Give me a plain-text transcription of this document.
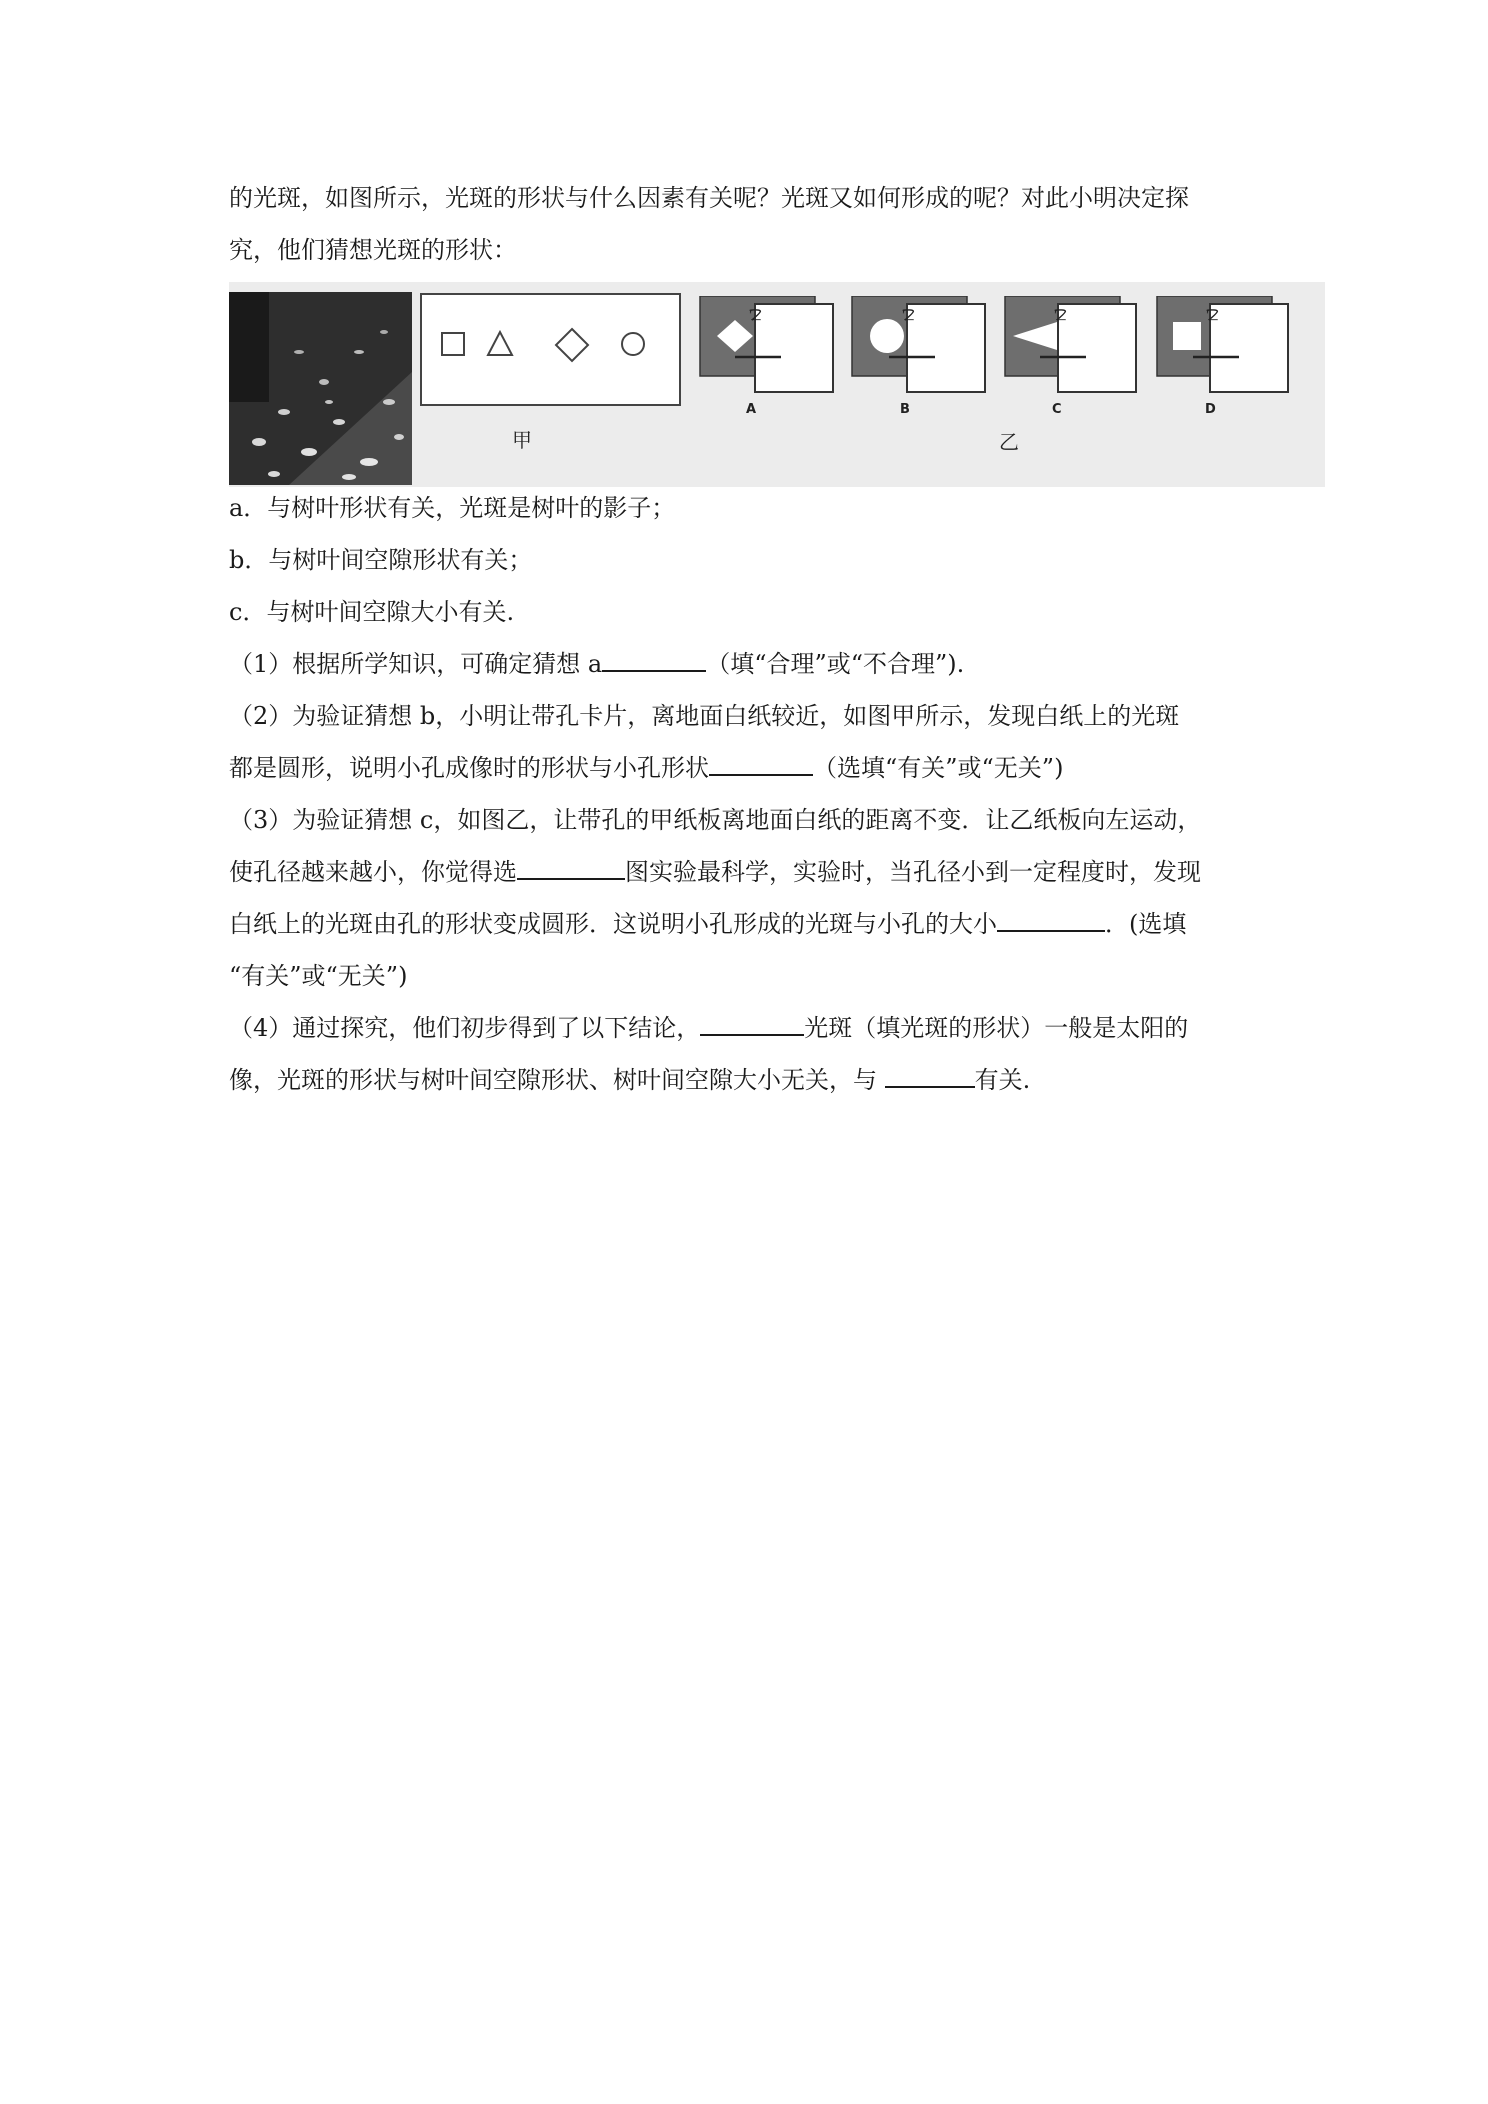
的光斑，如图所示，光斑的形状与什么因素有关呢？光斑又如何形成的呢？对此小明决定探
究，他们猜想光斑的形状：
甲
乙	乙	乙	乙
A	B	C	D
乙
a．与树叶形状有关，光斑是树叶的影子；
b．与树叶间空隙形状有关；
c．与树叶间空隙大小有关.
（1）根据所学知识，可确定猜想 a	（填“合理”或“不合理”).
（2）为验证猜想 b，小明让带孔卡片，离地面白纸较近，如图甲所示，发现白纸上的光斑
都是圆形，说明小孔成像时的形状与小孔形状	（选填“有关”或“无关”)
（3）为验证猜想 c，如图乙，让带孔的甲纸板离地面白纸的距离不变．让乙纸板向左运动，
使孔径越来越小，你觉得选	图实验最科学，实验时，当孔径小到一定程度时，发现
白纸上的光斑由孔的形状变成圆形．这说明小孔形成的光斑与小孔的大小	．(选填
“有关”或“无关”)
（4）通过探究，他们初步得到了以下结论，	光斑（填光斑的形状）一般是太阳的
像，光斑的形状与树叶间空隙形状、树叶间空隙大小无关，与	有关.
